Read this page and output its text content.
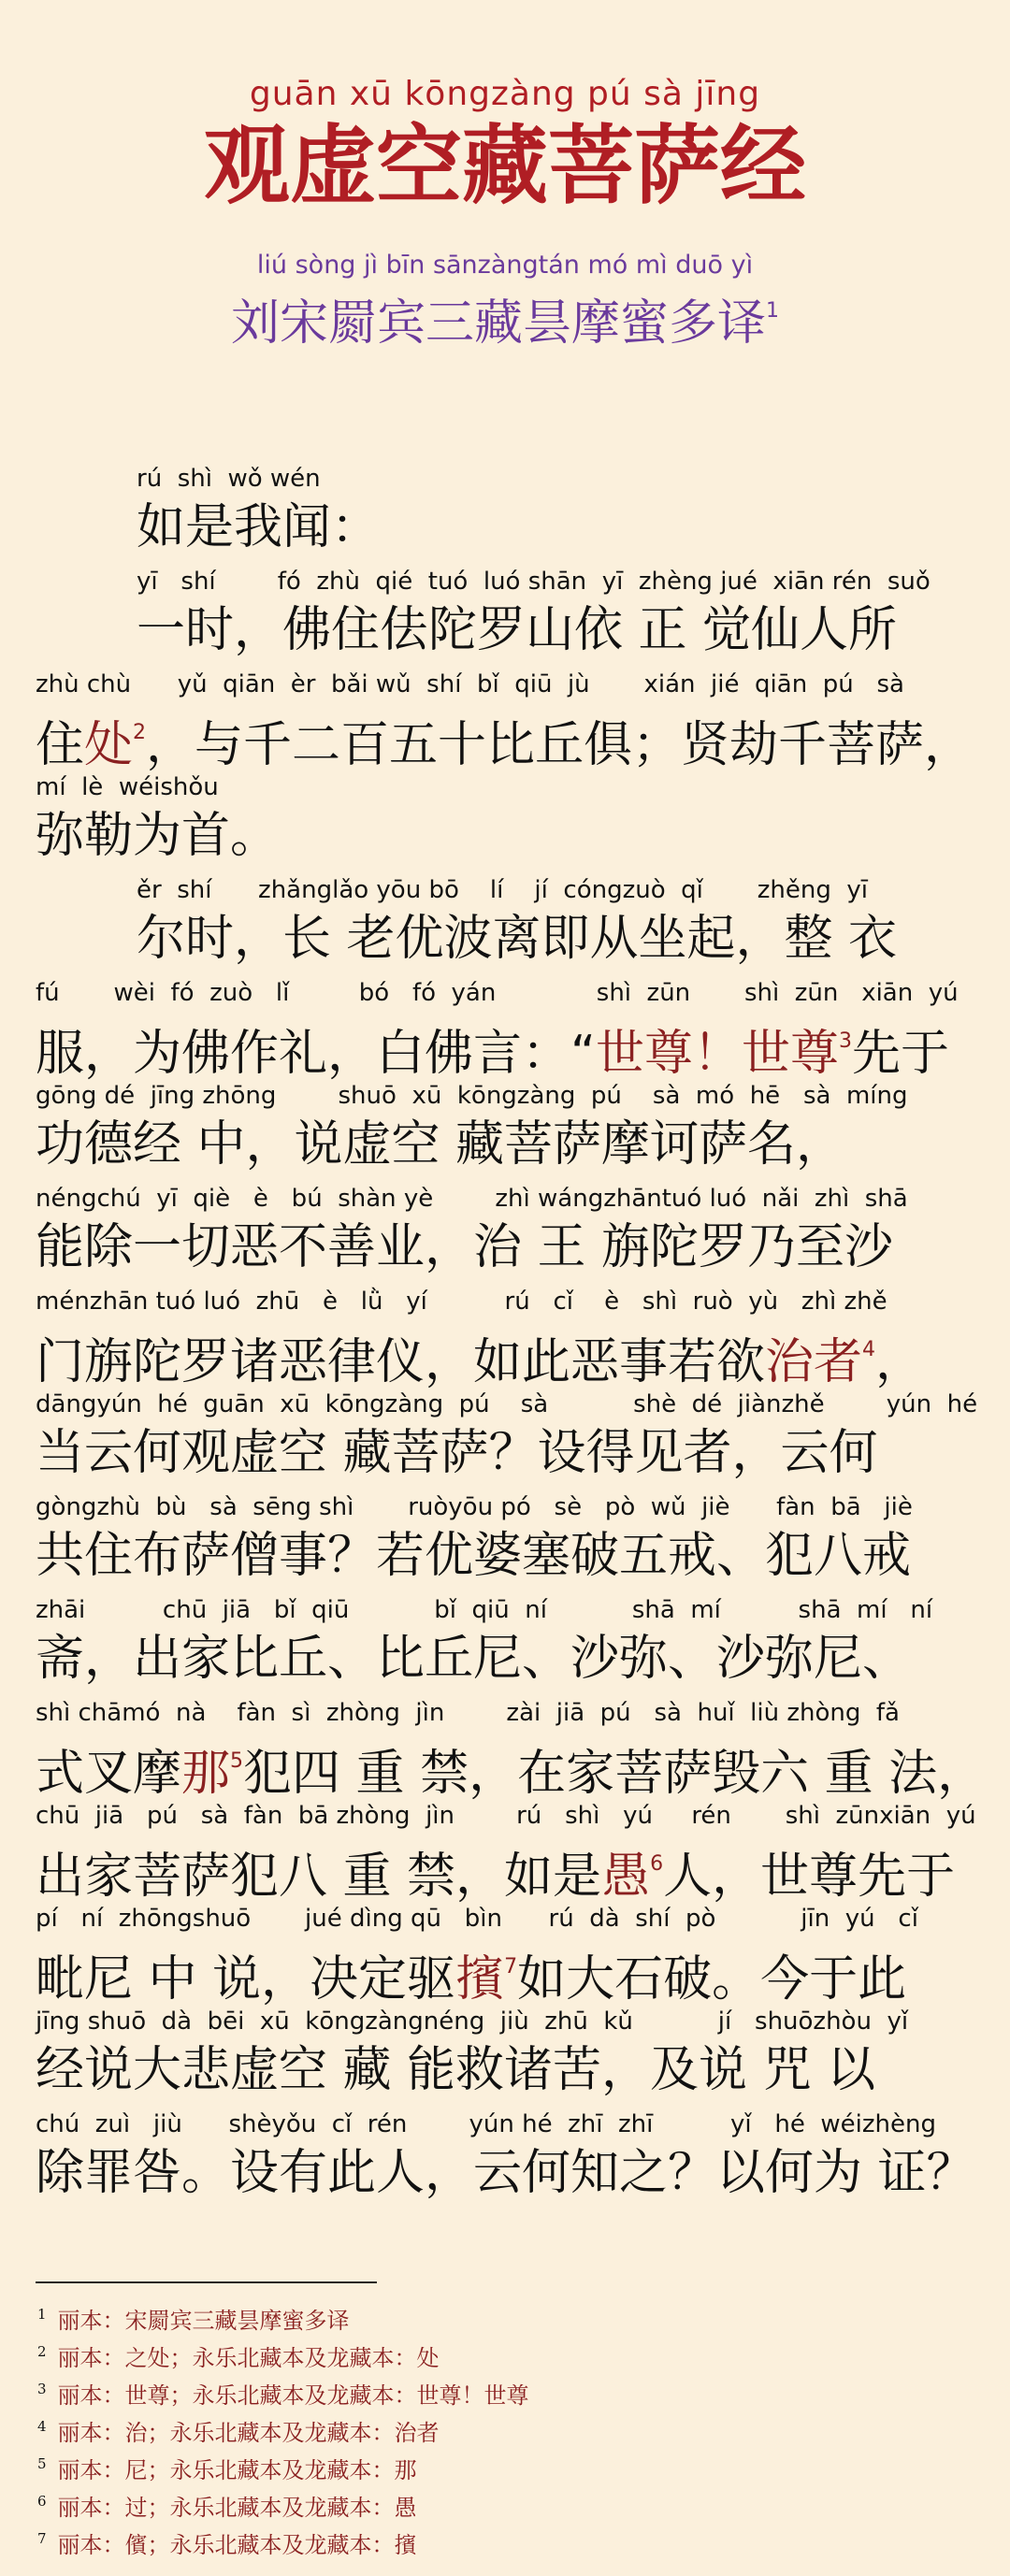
guān xū kōngzàng pú sà jīng
观虚空藏菩萨经
liú sòng jì bīn sānzàngtán mó mì duō yì
刘宋罽宾三藏昙摩蜜多译$^1$
rú  shì  wǒ wén
如是我闻：
yī   shí        fó  zhù  qié  tuó  luó shān  yī  zhèng jué  xiān rén  suǒ
一时，佛住佉陀罗山依 正 觉仙人所
zhù chù      yǔ  qiān  èr  bǎi wǔ  shí  bǐ  qiū  jù       xián  jié  qiān  pú   sà
住处$^2$，与千二百五十比丘俱；贤劫千菩萨，
mí  lè  wéishǒu
弥勒为首。
ěr  shí      zhǎnglǎo yōu bō    lí    jí  cóngzuò  qǐ       zhěng  yī
尔时，长 老优波离即从坐起，整 衣
fú       wèi  fó  zuò   lǐ         bó   fó  yán             shì  zūn       shì  zūn   xiān  yú
服，为佛作礼，白佛言：“世尊！世尊$^3$先于
gōng dé  jīng zhōng        shuō  xū  kōngzàng  pú    sà  mó  hē   sà  míng
功德经 中，说虚空 藏菩萨摩诃萨名，
néngchú  yī  qiè   è   bú  shàn yè        zhì wángzhāntuó luó  nǎi  zhì  shā
能除一切恶不善业，治 王 旃陀罗乃至沙
ménzhān tuó luó  zhū   è   lǜ   yí          rú   cǐ    è   shì  ruò  yù   zhì zhě
门旃陀罗诸恶律仪，如此恶事若欲治者$^4$，
dāngyún  hé  guān  xū  kōngzàng  pú    sà           shè  dé  jiànzhě        yún  hé
当云何观虚空 藏菩萨？设得见者，云何
gòngzhù  bù   sà  sēng shì       ruòyōu pó   sè   pò  wǔ  jiè      fàn  bā   jiè
共住布萨僧事？若优婆塞破五戒、犯八戒
zhāi          chū  jiā   bǐ  qiū           bǐ  qiū  ní           shā  mí          shā  mí   ní
斋，出家比丘、比丘尼、沙弥、沙弥尼、
shì chāmó  nà    fàn  sì  zhòng  jìn        zài  jiā  pú   sà  huǐ  liù zhòng  fǎ
式叉摩那$^5$犯四 重 禁，在家菩萨毁六 重 法，
chū  jiā   pú   sà  fàn  bā zhòng  jìn        rú   shì   yú     rén       shì  zūnxiān  yú
出家菩萨犯八 重 禁，如是愚$^6$人，世尊先于
pí   ní  zhōngshuō       jué dìng qū   bìn      rú  dà  shí  pò           jīn  yú   cǐ
毗尼 中 说，决定驱擯$^7$如大石破。今于此
jīng shuō  dà  bēi  xū  kōngzàngnéng  jiù  zhū  kǔ           jí   shuōzhòu  yǐ
经说大悲虚空 藏 能救诸苦，及说 咒 以
chú  zuì   jiù      shèyǒu  cǐ  rén        yún hé  zhī  zhī          yǐ   hé  wéizhèng
除罪咎。设有此人，云何知之？以何为 证？
$^1$ 丽本：宋罽宾三藏昙摩蜜多译
$^2$ 丽本：之处；永乐北藏本及龙藏本：处
$^3$ 丽本：世尊；永乐北藏本及龙藏本：世尊！世尊
$^4$ 丽本：治；永乐北藏本及龙藏本：治者
$^5$ 丽本：尼；永乐北藏本及龙藏本：那
$^6$ 丽本：过；永乐北藏本及龙藏本：愚
$^7$ 丽本：儐；永乐北藏本及龙藏本：擯
